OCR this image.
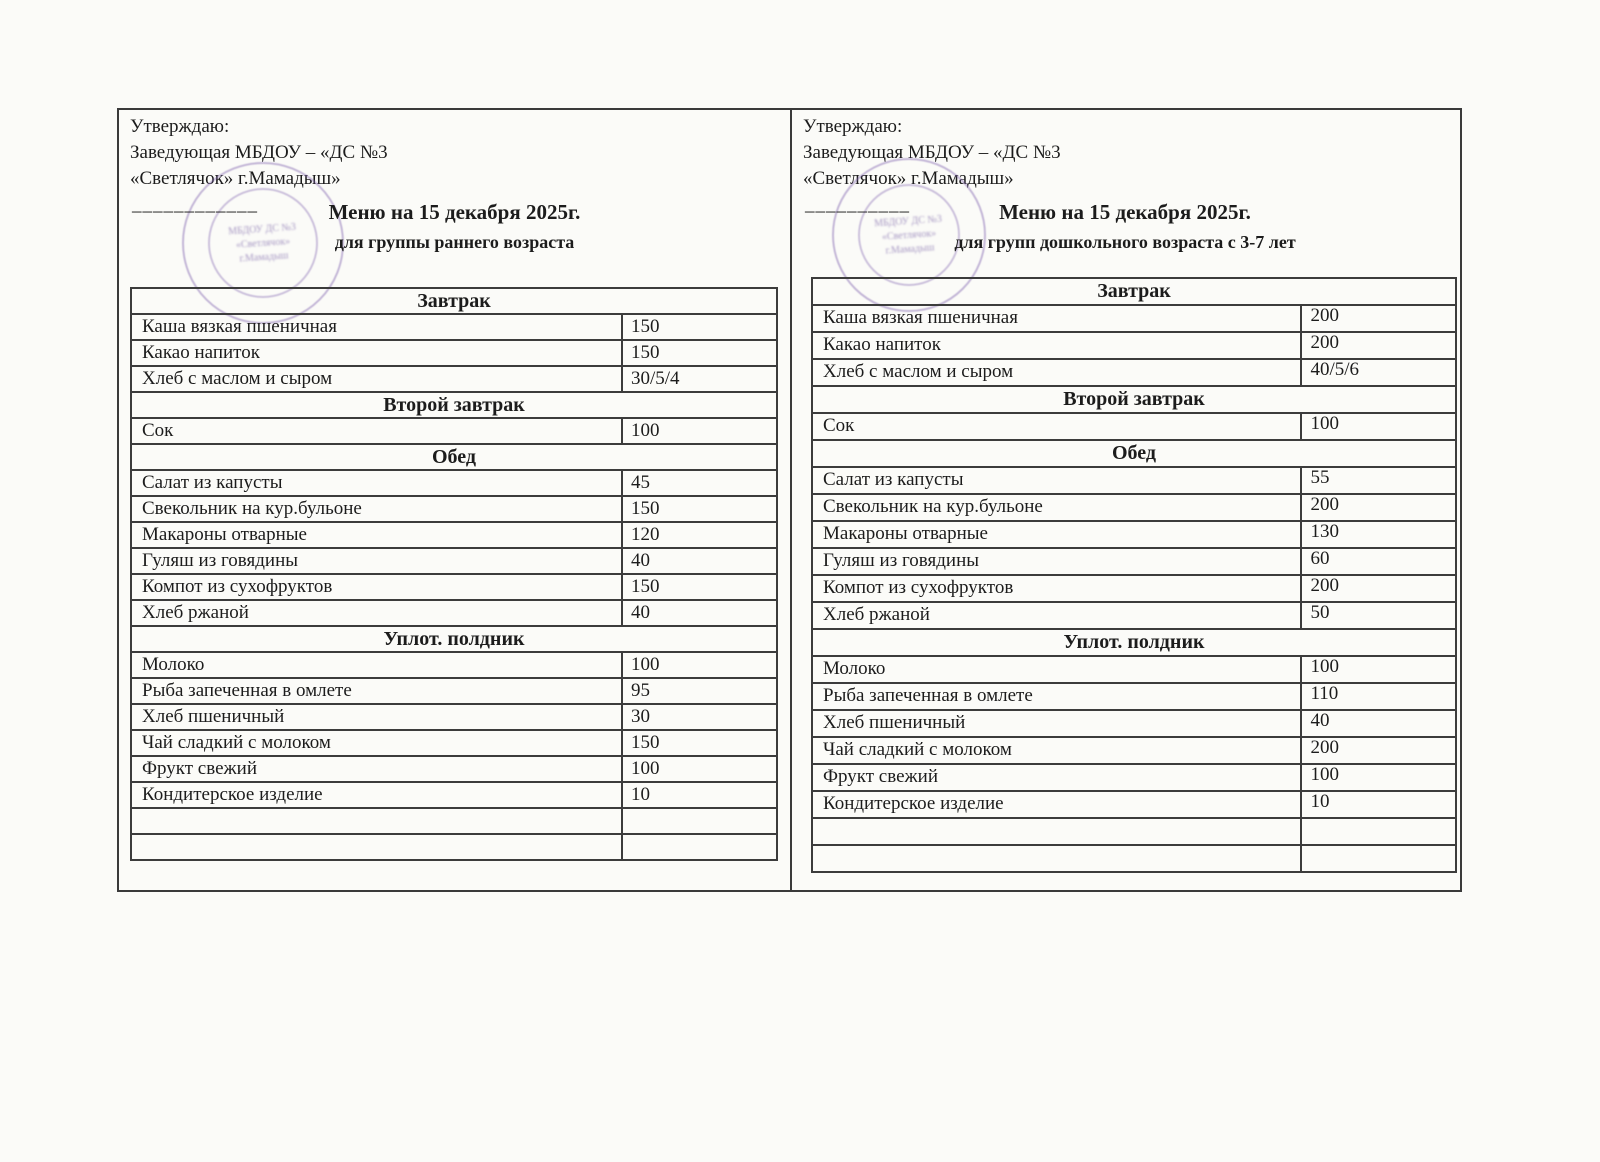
Утверждаю:
Заведующая МБДОУ – «ДС №3
«Светлячок» г.Мамадыш»
МБДОУ ДС №3
«Светлячок»
г.Мамадыш
____________	Меню на 15 декабря 2025г.
для группы раннего возраста
Завтрак	
Каша вязкая пшеничная	150
Какао напиток	150
Хлеб с маслом и сыром	30/5/4
Второй завтрак	
Сок	100
Обед	
Салат из капусты	45
Свекольник на кур.бульоне	150
Макароны отварные	120
Гуляш из говядины	40
Компот из сухофруктов	150
Хлеб ржаной	40
Уплот. полдник	
Молоко	100
Рыба запеченная в омлете	95
Хлеб пшеничный	30
Чай сладкий с молоком	150
Фрукт свежий	100
Кондитерское изделие	10

Утверждаю:
Заведующая МБДОУ – «ДС №3
«Светлячок» г.Мамадыш»
МБДОУ ДС №3
«Светлячок»
г.Мамадыш
__________	Меню на 15 декабря 2025г.
для групп дошкольного возраста с 3-7 лет
Завтрак	
Каша вязкая пшеничная	200
Какао напиток	200
Хлеб с маслом и сыром	40/5/6
Второй завтрак	
Сок	100
Обед	
Салат из капусты	55
Свекольник на кур.бульоне	200
Макароны отварные	130
Гуляш из говядины	60
Компот из сухофруктов	200
Хлеб ржаной	50
Уплот. полдник	
Молоко	100
Рыба запеченная в омлете	110
Хлеб пшеничный	40
Чай сладкий с молоком	200
Фрукт свежий	100
Кондитерское изделие	10
